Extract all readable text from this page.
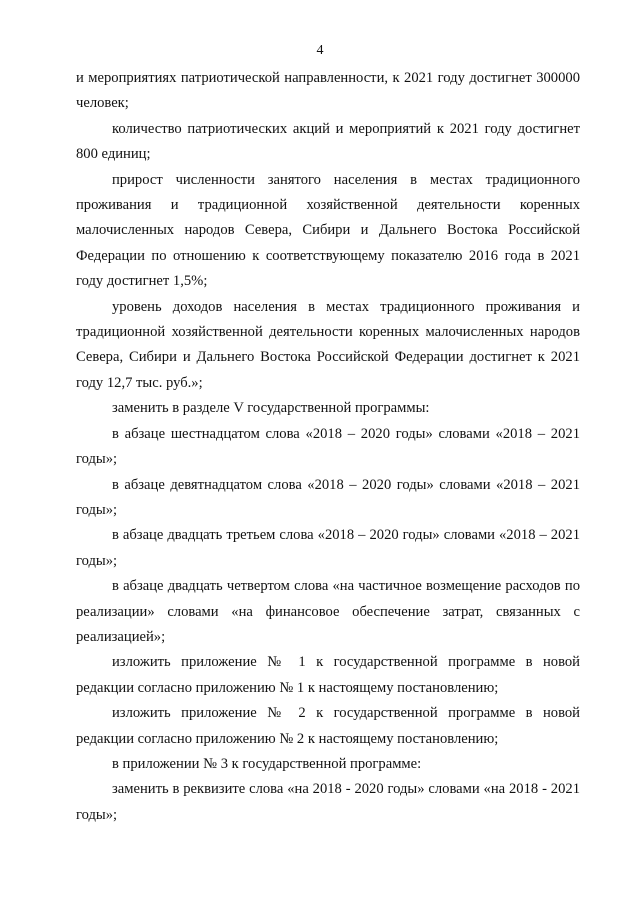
4

и мероприятиях патриотической направленности, к 2021 году достигнет 300000 человек;

количество патриотических акций и мероприятий к 2021 году достигнет 800 единиц;

прирост численности занятого населения в местах традиционного проживания и традиционной хозяйственной деятельности коренных малочисленных народов Севера, Сибири и Дальнего Востока Российской Федерации по отношению к соответствующему показателю 2016 года в 2021 году достигнет 1,5%;

уровень доходов населения в местах традиционного проживания и традиционной хозяйственной деятельности коренных малочисленных народов Севера, Сибири и Дальнего Востока Российской Федерации достигнет к 2021 году 12,7 тыс. руб.»;

заменить в разделе V государственной программы:

в абзаце шестнадцатом слова «2018 – 2020 годы» словами «2018 – 2021 годы»;

в абзаце девятнадцатом слова «2018 – 2020 годы» словами «2018 – 2021 годы»;

в абзаце двадцать третьем слова «2018 – 2020 годы» словами «2018 – 2021 годы»;

в абзаце двадцать четвертом слова «на частичное возмещение расходов по реализации» словами «на финансовое обеспечение затрат, связанных с реализацией»;

изложить приложение № 1 к государственной программе в новой редакции согласно приложению № 1 к настоящему постановлению;

изложить приложение № 2 к государственной программе в новой редакции согласно приложению № 2 к настоящему постановлению;

в приложении № 3 к государственной программе:

заменить в реквизите слова «на 2018 - 2020 годы» словами «на 2018 - 2021 годы»;
